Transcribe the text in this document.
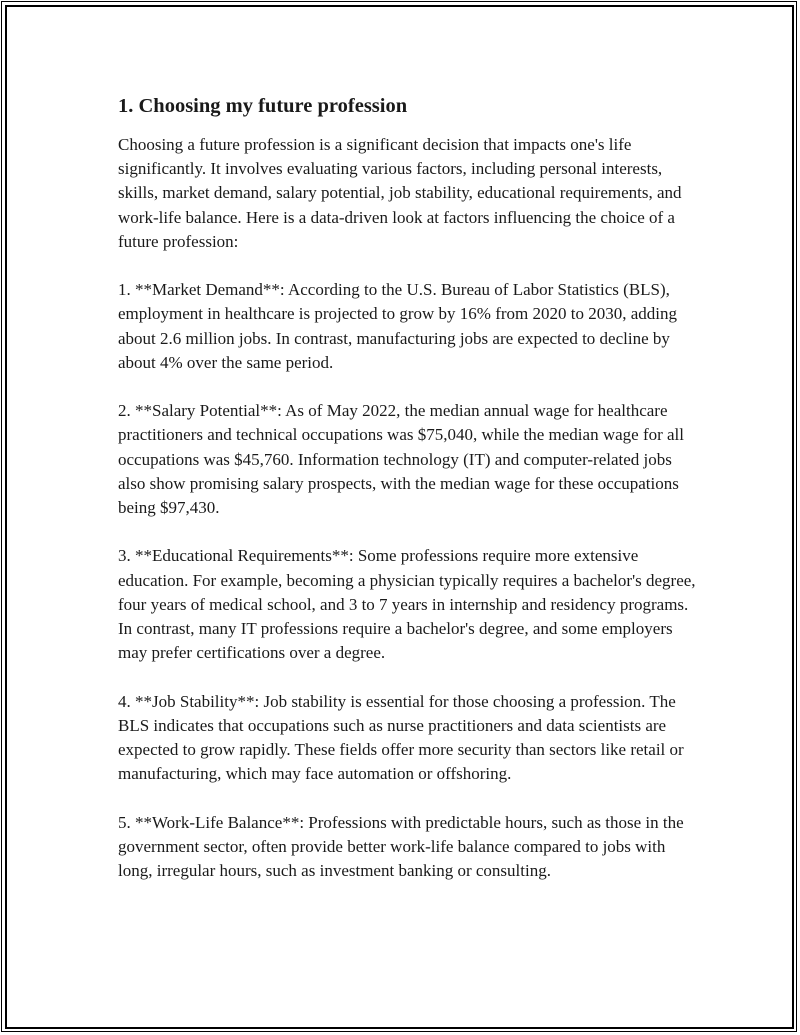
1. Choosing my future profession

Choosing a future profession is a significant decision that impacts one's life significantly. It involves evaluating various factors, including personal interests, skills, market demand, salary potential, job stability, educational requirements, and work-life balance. Here is a data-driven look at factors influencing the choice of a future profession:

1. **Market Demand**: According to the U.S. Bureau of Labor Statistics (BLS), employment in healthcare is projected to grow by 16% from 2020 to 2030, adding about 2.6 million jobs. In contrast, manufacturing jobs are expected to decline by about 4% over the same period.

2. **Salary Potential**: As of May 2022, the median annual wage for healthcare practitioners and technical occupations was $75,040, while the median wage for all occupations was $45,760. Information technology (IT) and computer-related jobs also show promising salary prospects, with the median wage for these occupations being $97,430.

3. **Educational Requirements**: Some professions require more extensive education. For example, becoming a physician typically requires a bachelor's degree, four years of medical school, and 3 to 7 years in internship and residency programs. In contrast, many IT professions require a bachelor's degree, and some employers may prefer certifications over a degree.

4. **Job Stability**: Job stability is essential for those choosing a profession. The BLS indicates that occupations such as nurse practitioners and data scientists are expected to grow rapidly. These fields offer more security than sectors like retail or manufacturing, which may face automation or offshoring.

5. **Work-Life Balance**: Professions with predictable hours, such as those in the government sector, often provide better work-life balance compared to jobs with long, irregular hours, such as investment banking or consulting.
